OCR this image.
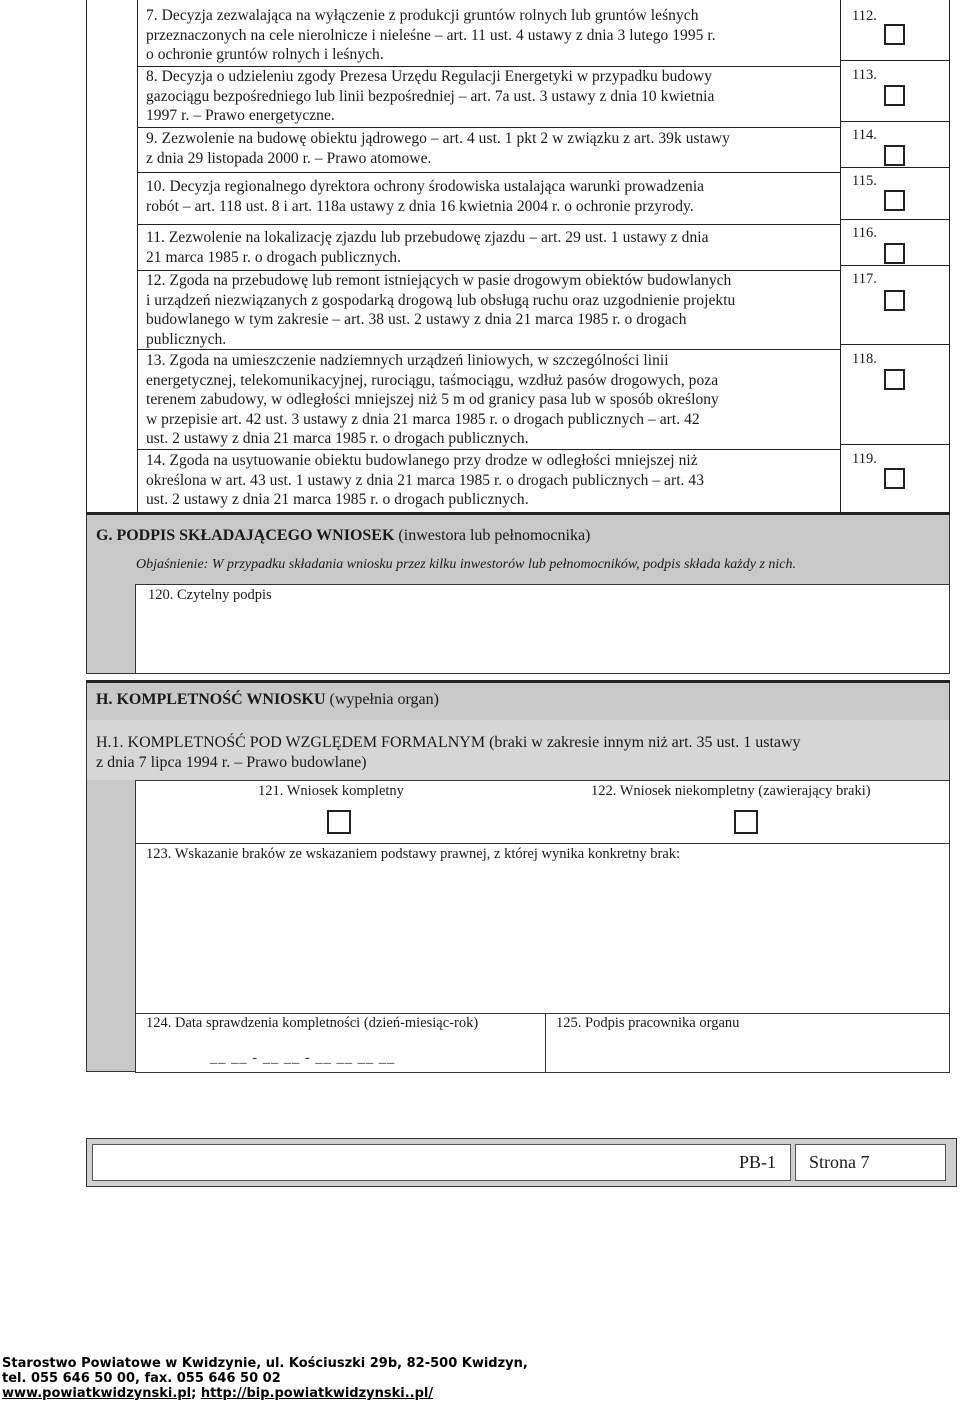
7. Decyzja zezwalająca na wyłączenie z produkcji gruntów rolnych lub gruntów leśnych
przeznaczonych na cele nierolnicze i nieleśne – art. 11 ust. 4 ustawy z dnia 3 lutego 1995 r.
o ochronie gruntów rolnych i leśnych.
112.
8. Decyzja o udzieleniu zgody Prezesa Urzędu Regulacji Energetyki w przypadku budowy
gazociągu bezpośredniego lub linii bezpośredniej – art. 7a ust. 3 ustawy z dnia 10 kwietnia
1997 r. – Prawo energetyczne.
113.
9. Zezwolenie na budowę obiektu jądrowego – art. 4 ust. 1 pkt 2 w związku z art. 39k ustawy
z dnia 29 listopada 2000 r. – Prawo atomowe.
114.
10. Decyzja regionalnego dyrektora ochrony środowiska ustalająca warunki prowadzenia
robót – art. 118 ust. 8 i art. 118a ustawy z dnia 16 kwietnia 2004 r. o ochronie przyrody.
115.
11. Zezwolenie na lokalizację zjazdu lub przebudowę zjazdu – art. 29 ust. 1 ustawy z dnia
21 marca 1985 r. o drogach publicznych.
116.
12. Zgoda na przebudowę lub remont istniejących w pasie drogowym obiektów budowlanych
i urządzeń niezwiązanych z gospodarką drogową lub obsługą ruchu oraz uzgodnienie projektu
budowlanego w tym zakresie – art. 38 ust. 2 ustawy z dnia 21 marca 1985 r. o drogach
publicznych.
117.
13. Zgoda na umieszczenie nadziemnych urządzeń liniowych, w szczególności linii
energetycznej, telekomunikacyjnej, rurociągu, taśmociągu, wzdłuż pasów drogowych, poza
terenem zabudowy, w odległości mniejszej niż 5 m od granicy pasa lub w sposób określony
w przepisie art. 42 ust. 3 ustawy z dnia 21 marca 1985 r. o drogach publicznych – art. 42
ust. 2 ustawy z dnia 21 marca 1985 r. o drogach publicznych.
118.
14. Zgoda na usytuowanie obiektu budowlanego przy drodze w odległości mniejszej niż
określona w art. 43 ust. 1 ustawy z dnia 21 marca 1985 r. o drogach publicznych – art. 43
ust. 2 ustawy z dnia 21 marca 1985 r. o drogach publicznych.
119.
G. PODPIS SKŁADAJĄCEGO WNIOSEK (inwestora lub pełnomocnika)
Objaśnienie: W przypadku składania wniosku przez kilku inwestorów lub pełnomocników, podpis składa każdy z nich.
120. Czytelny podpis
H. KOMPLETNOŚĆ WNIOSKU (wypełnia organ)
H.1. KOMPLETNOŚĆ POD WZGLĘDEM FORMALNYM (braki w zakresie innym niż art. 35 ust. 1 ustawy
z dnia 7 lipca 1994 r. – Prawo budowlane)
121. Wniosek kompletny	122. Wniosek niekompletny (zawierający braki)
123. Wskazanie braków ze wskazaniem podstawy prawnej, z której wynika konkretny brak:
124. Data sprawdzenia kompletności (dzień-miesiąc-rok)
__ __ - __ __ - __ __ __ __
125. Podpis pracownika organu
PB-1 Strona 7
Starostwo Powiatowe w Kwidzynie, ul. Kościuszki 29b, 82-500 Kwidzyn,
tel. 055 646 50 00, fax. 055 646 50 02
www.powiatkwidzynski.pl; http://bip.powiatkwidzynski..pl/
